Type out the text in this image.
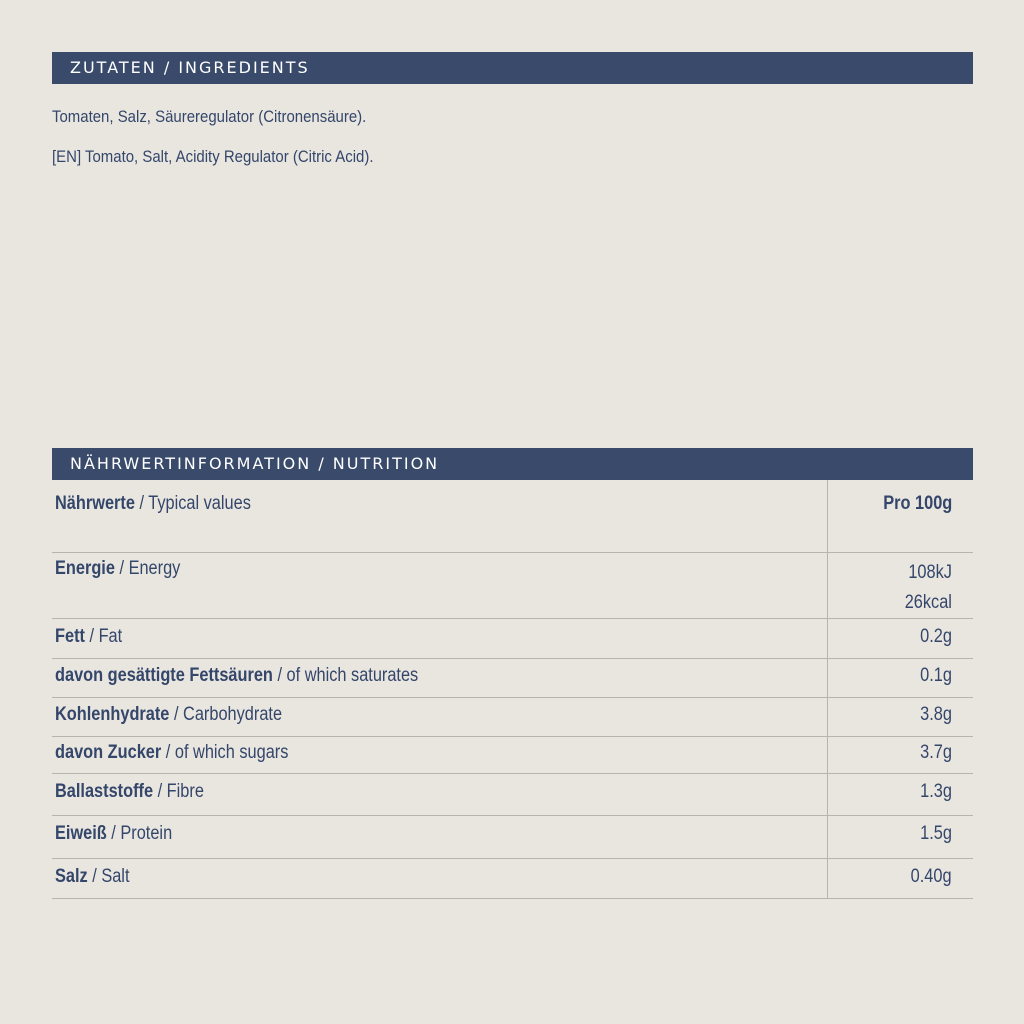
ZUTATEN / INGREDIENTS
Tomaten, Salz, Säureregulator (Citronensäure).
[EN] Tomato, Salt, Acidity Regulator (Citric Acid).
NÄHRWERTINFORMATION / NUTRITION
Nährwerte / Typical values	Pro 100g
Energie / Energy	108kJ
26kcal

Fett / Fat	0.2g
davon gesättigte Fettsäuren / of which saturates	0.1g
Kohlenhydrate / Carbohydrate	3.8g
davon Zucker / of which sugars	3.7g
Ballaststoffe / Fibre	1.3g
Eiweiß / Protein	1.5g
Salz / Salt	0.40g
